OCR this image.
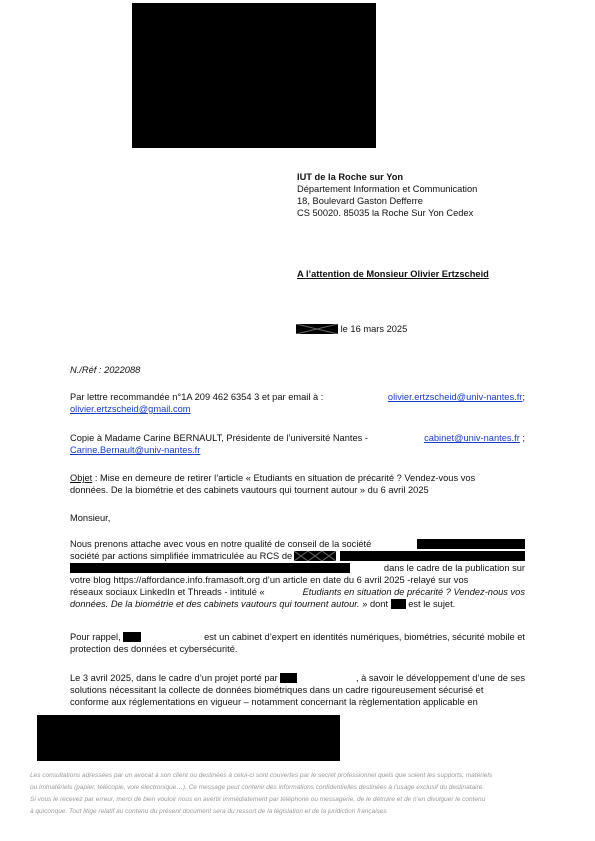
IUT de la Roche sur Yon
Département Information et Communication
18, Boulevard Gaston Defferre
CS 50020. 85035 la Roche Sur Yon Cedex
A l’attention de Monsieur Olivier Ertzscheid
le 16 mars 2025
N./Réf : 2022088
Par lettre recommandée n°1A 209 462 6354 3 et par email à :	olivier.ertzscheid@univ-nantes.fr;
olivier.ertzscheid@gmail.com
Copie à Madame Carine BERNAULT, Présidente de l’université Nantes -	cabinet@univ-nantes.fr ;
Carine.Bernault@univ-nantes.fr
Objet : Mise en demeure de retirer l’article « Etudiants en situation de précarité ? Vendez-vous vos
données. De la biométrie et des cabinets vautours qui tournent autour » du 6 avril 2025
Monsieur,
Nous prenons attache avec vous en notre qualité de conseil de la société
société par actions simplifiée immatriculée au RCS de
dans le cadre de la publication sur
votre blog https://affordance.info.framasoft.org d’un article en date du 6 avril 2025 -relayé sur vos
réseaux sociaux LinkedIn et Threads - intitulé «	Etudiants en situation de précarité ? Vendez-nous vos
données. De la biométrie et des cabinets vautours qui tournent autour. » dont est le sujet.
Pour rappel,	est un cabinet d’expert en identités numériques, biométries, sécurité mobile et
protection des données et cybersécurité.
Le 3 avril 2025, dans le cadre d’un projet porté par	, à savoir le développement d’une de ses
solutions nécessitant la collecte de données biométriques dans un cadre rigoureusement sécurisé et
conforme aux réglementations en vigueur – notamment concernant la règlementation applicable en
Les consultations adressées par un avocat à son client ou destinées à celui-ci sont couvertes par le secret professionnel quels que soient les supports, matériels
ou immatériels (papier, télécopie, voie électronique…). Ce message peut contenir des informations confidentielles destinées à l’usage exclusif du destinataire.
Si vous le recevez par erreur, merci de bien vouloir nous en avertir immédiatement par téléphone ou messagerie, de le détruire et de n’en divulguer le contenu
à quiconque. Tout litige relatif au contenu du présent document sera du ressort de la législation et de la juridiction françaises
